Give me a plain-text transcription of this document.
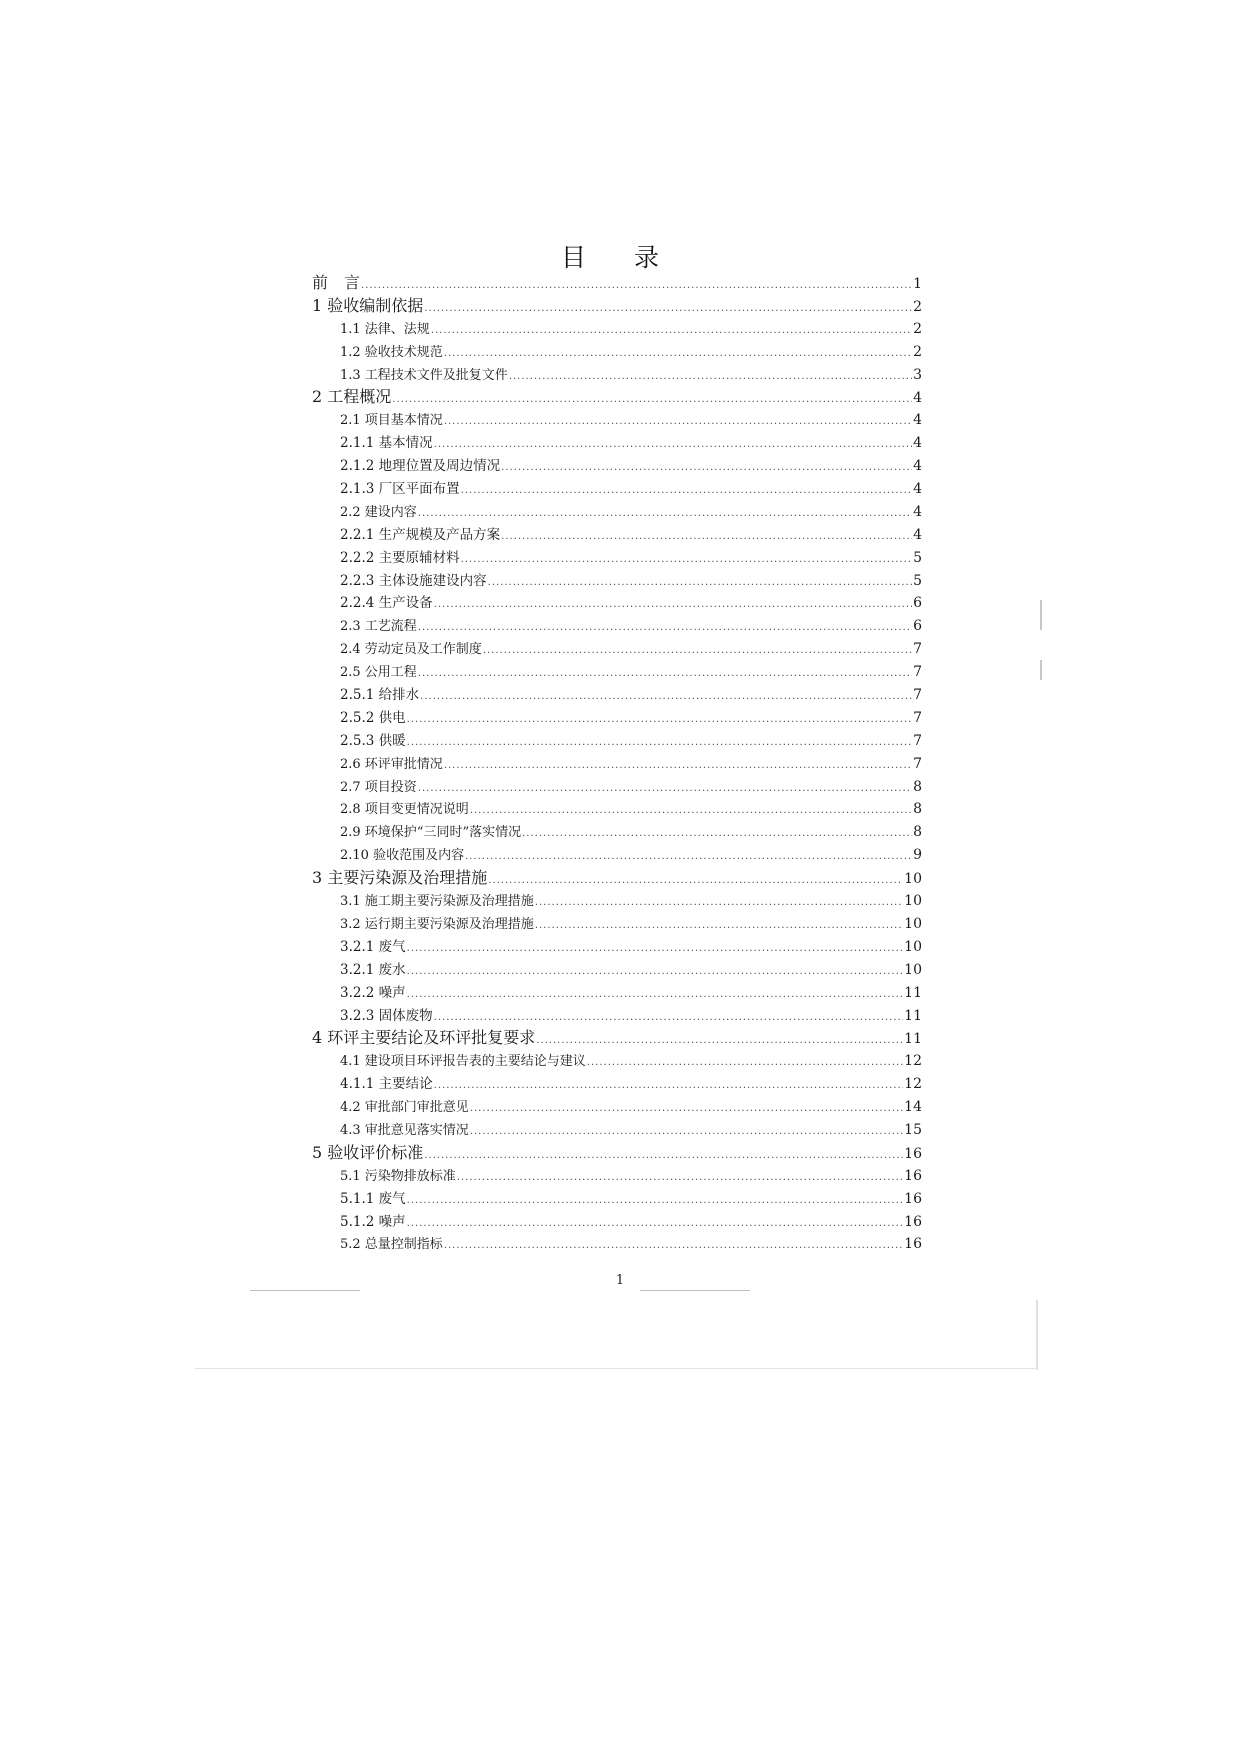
目 录
前　言 .....	1
1 验收编制依据 .....	2
1.1 法律、法规 .....	2
1.2 验收技术规范 .....	2
1.3 工程技术文件及批复文件 .....	3
2 工程概况 .....	4
2.1 项目基本情况 .....	4
2.1.1 基本情况 .....	4
2.1.2 地理位置及周边情况 .....	4
2.1.3 厂区平面布置 .....	4
2.2 建设内容 .....	4
2.2.1 生产规模及产品方案 .....	4
2.2.2 主要原辅材料 .....	5
2.2.3 主体设施建设内容 .....	5
2.2.4 生产设备 .....	6
2.3 工艺流程 .....	6
2.4 劳动定员及工作制度 .....	7
2.5 公用工程 .....	7
2.5.1 给排水 .....	7
2.5.2 供电 .....	7
2.5.3 供暖 .....	7
2.6 环评审批情况 .....	7
2.7 项目投资 .....	8
2.8 项目变更情况说明 .....	8
2.9 环境保护“三同时”落实情况 .....	8
2.10 验收范围及内容 .....	9
3 主要污染源及治理措施 .....	10
3.1 施工期主要污染源及治理措施 .....	10
3.2 运行期主要污染源及治理措施 .....	10
3.2.1 废气 .....	10
3.2.1 废水 .....	10
3.2.2 噪声 .....	11
3.2.3 固体废物 .....	11
4 环评主要结论及环评批复要求 .....	11
4.1 建设项目环评报告表的主要结论与建议 .....	12
4.1.1 主要结论 .....	12
4.2 审批部门审批意见 .....	14
4.3 审批意见落实情况 .....	15
5 验收评价标准 .....	16
5.1 污染物排放标准 .....	16
5.1.1 废气 .....	16
5.1.2 噪声 .....	16
5.2 总量控制指标 .....	16
1
